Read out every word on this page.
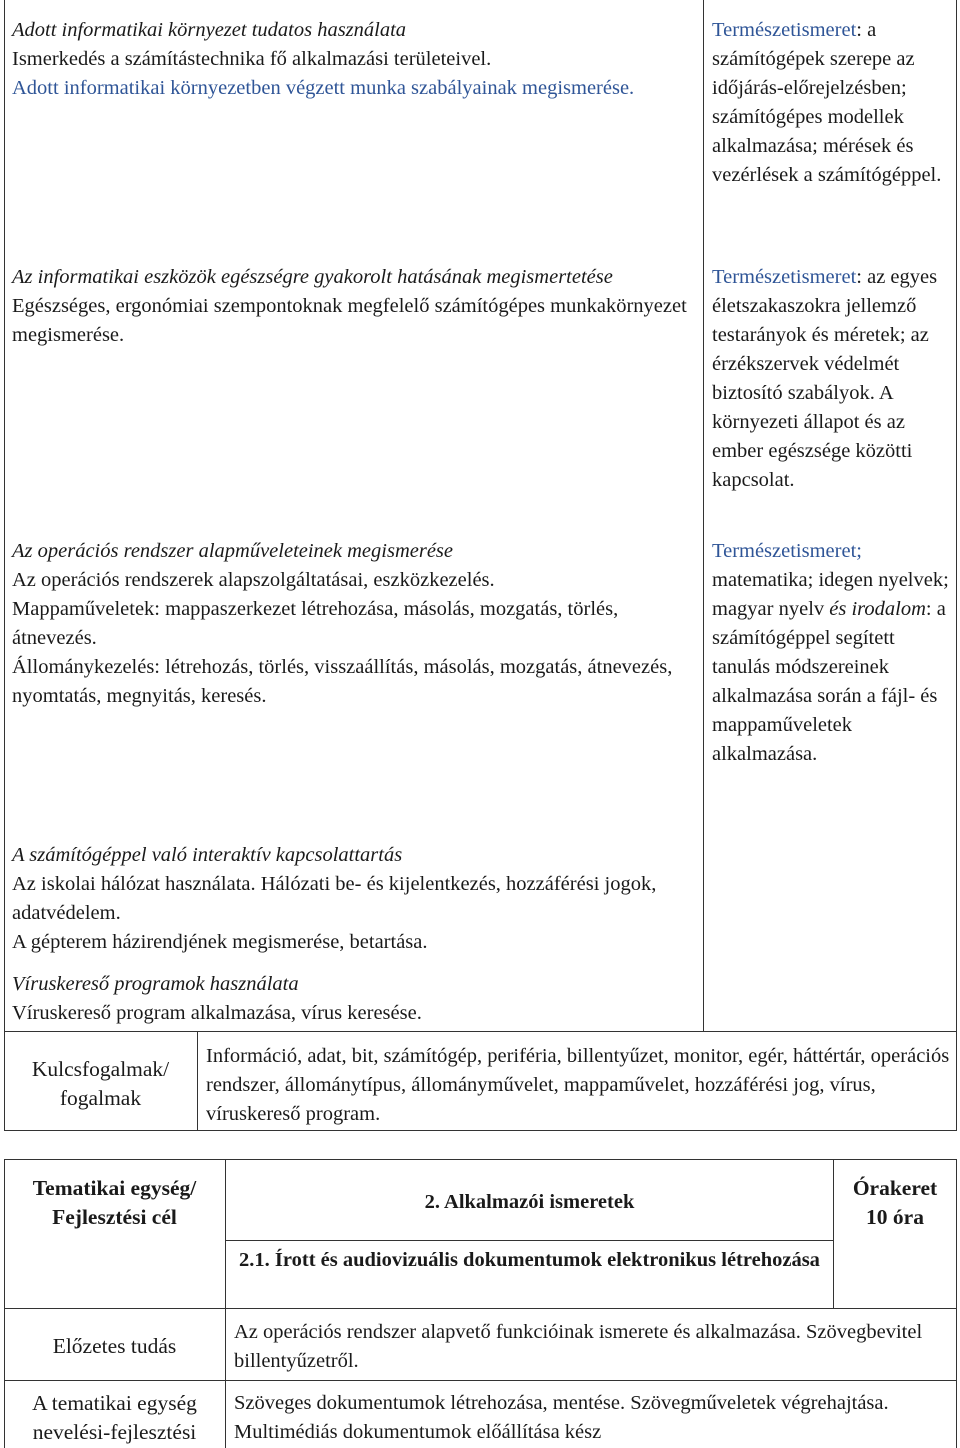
Adott informatikai környezet tudatos használata

Ismerkedés a számítástechnika fő alkalmazási területeivel.

Adott informatikai környezetben végzett munka szabályainak megismerése.

Az informatikai eszközök egészségre gyakorolt hatásának megismertetése

Egészséges, ergonómiai szempontoknak megfelelő számítógépes munkakörnyezet megismerése.

Az operációs rendszer alapműveleteinek megismerése

Az operációs rendszerek alapszolgáltatásai, eszközkezelés.

Mappaműveletek: mappaszerkezet létrehozása, másolás, mozgatás, törlés, átnevezés.

Állománykezelés: létrehozás, törlés, visszaállítás, másolás, mozgatás, átnevezés, nyomtatás, megnyitás, keresés.

A számítógéppel való interaktív kapcsolattartás

Az iskolai hálózat használata. Hálózati be- és kijelentkezés, hozzáférési jogok, adatvédelem.

A gépterem házirendjének megismerése, betartása.

Víruskereső programok használata

Víruskereső program alkalmazása, vírus keresése.

Természetismeret: a számítógépek szerepe az időjárás-előrejelzésben; számítógépes modellek alkalmazása; mérések és vezérlések a számítógéppel.

Természetismeret: az egyes életszakaszokra jellemző testarányok és méretek; az érzékszervek védelmét biztosító szabályok. A környezeti állapot és az ember egészsége közötti kapcsolat.

Természetismeret; matematika; idegen nyelvek; magyar nyelv és irodalom: a számítógéppel segített tanulás módszereinek alkalmazása során a fájl- és mappaműveletek alkalmazása.

Kulcsfogalmak/ fogalmak

Információ, adat, bit, számítógép, periféria, billentyűzet, monitor, egér, háttértár, operációs rendszer, állománytípus, állományművelet, mappaművelet, hozzáférési jog, vírus, víruskereső program.

Tematikai egység/ Fejlesztési cél

2. Alkalmazói ismeretek

Órakeret

10 óra

2.1. Írott és audiovizuális dokumentumok elektronikus létrehozása

Előzetes tudás

Az operációs rendszer alapvető funkcióinak ismerete és alkalmazása. Szövegbevitel billentyűzetről.

A tematikai egység nevelési-fejlesztési

Szöveges dokumentumok létrehozása, mentése. Szövegműveletek végrehajtása. Multimédiás dokumentumok előállítása kész
